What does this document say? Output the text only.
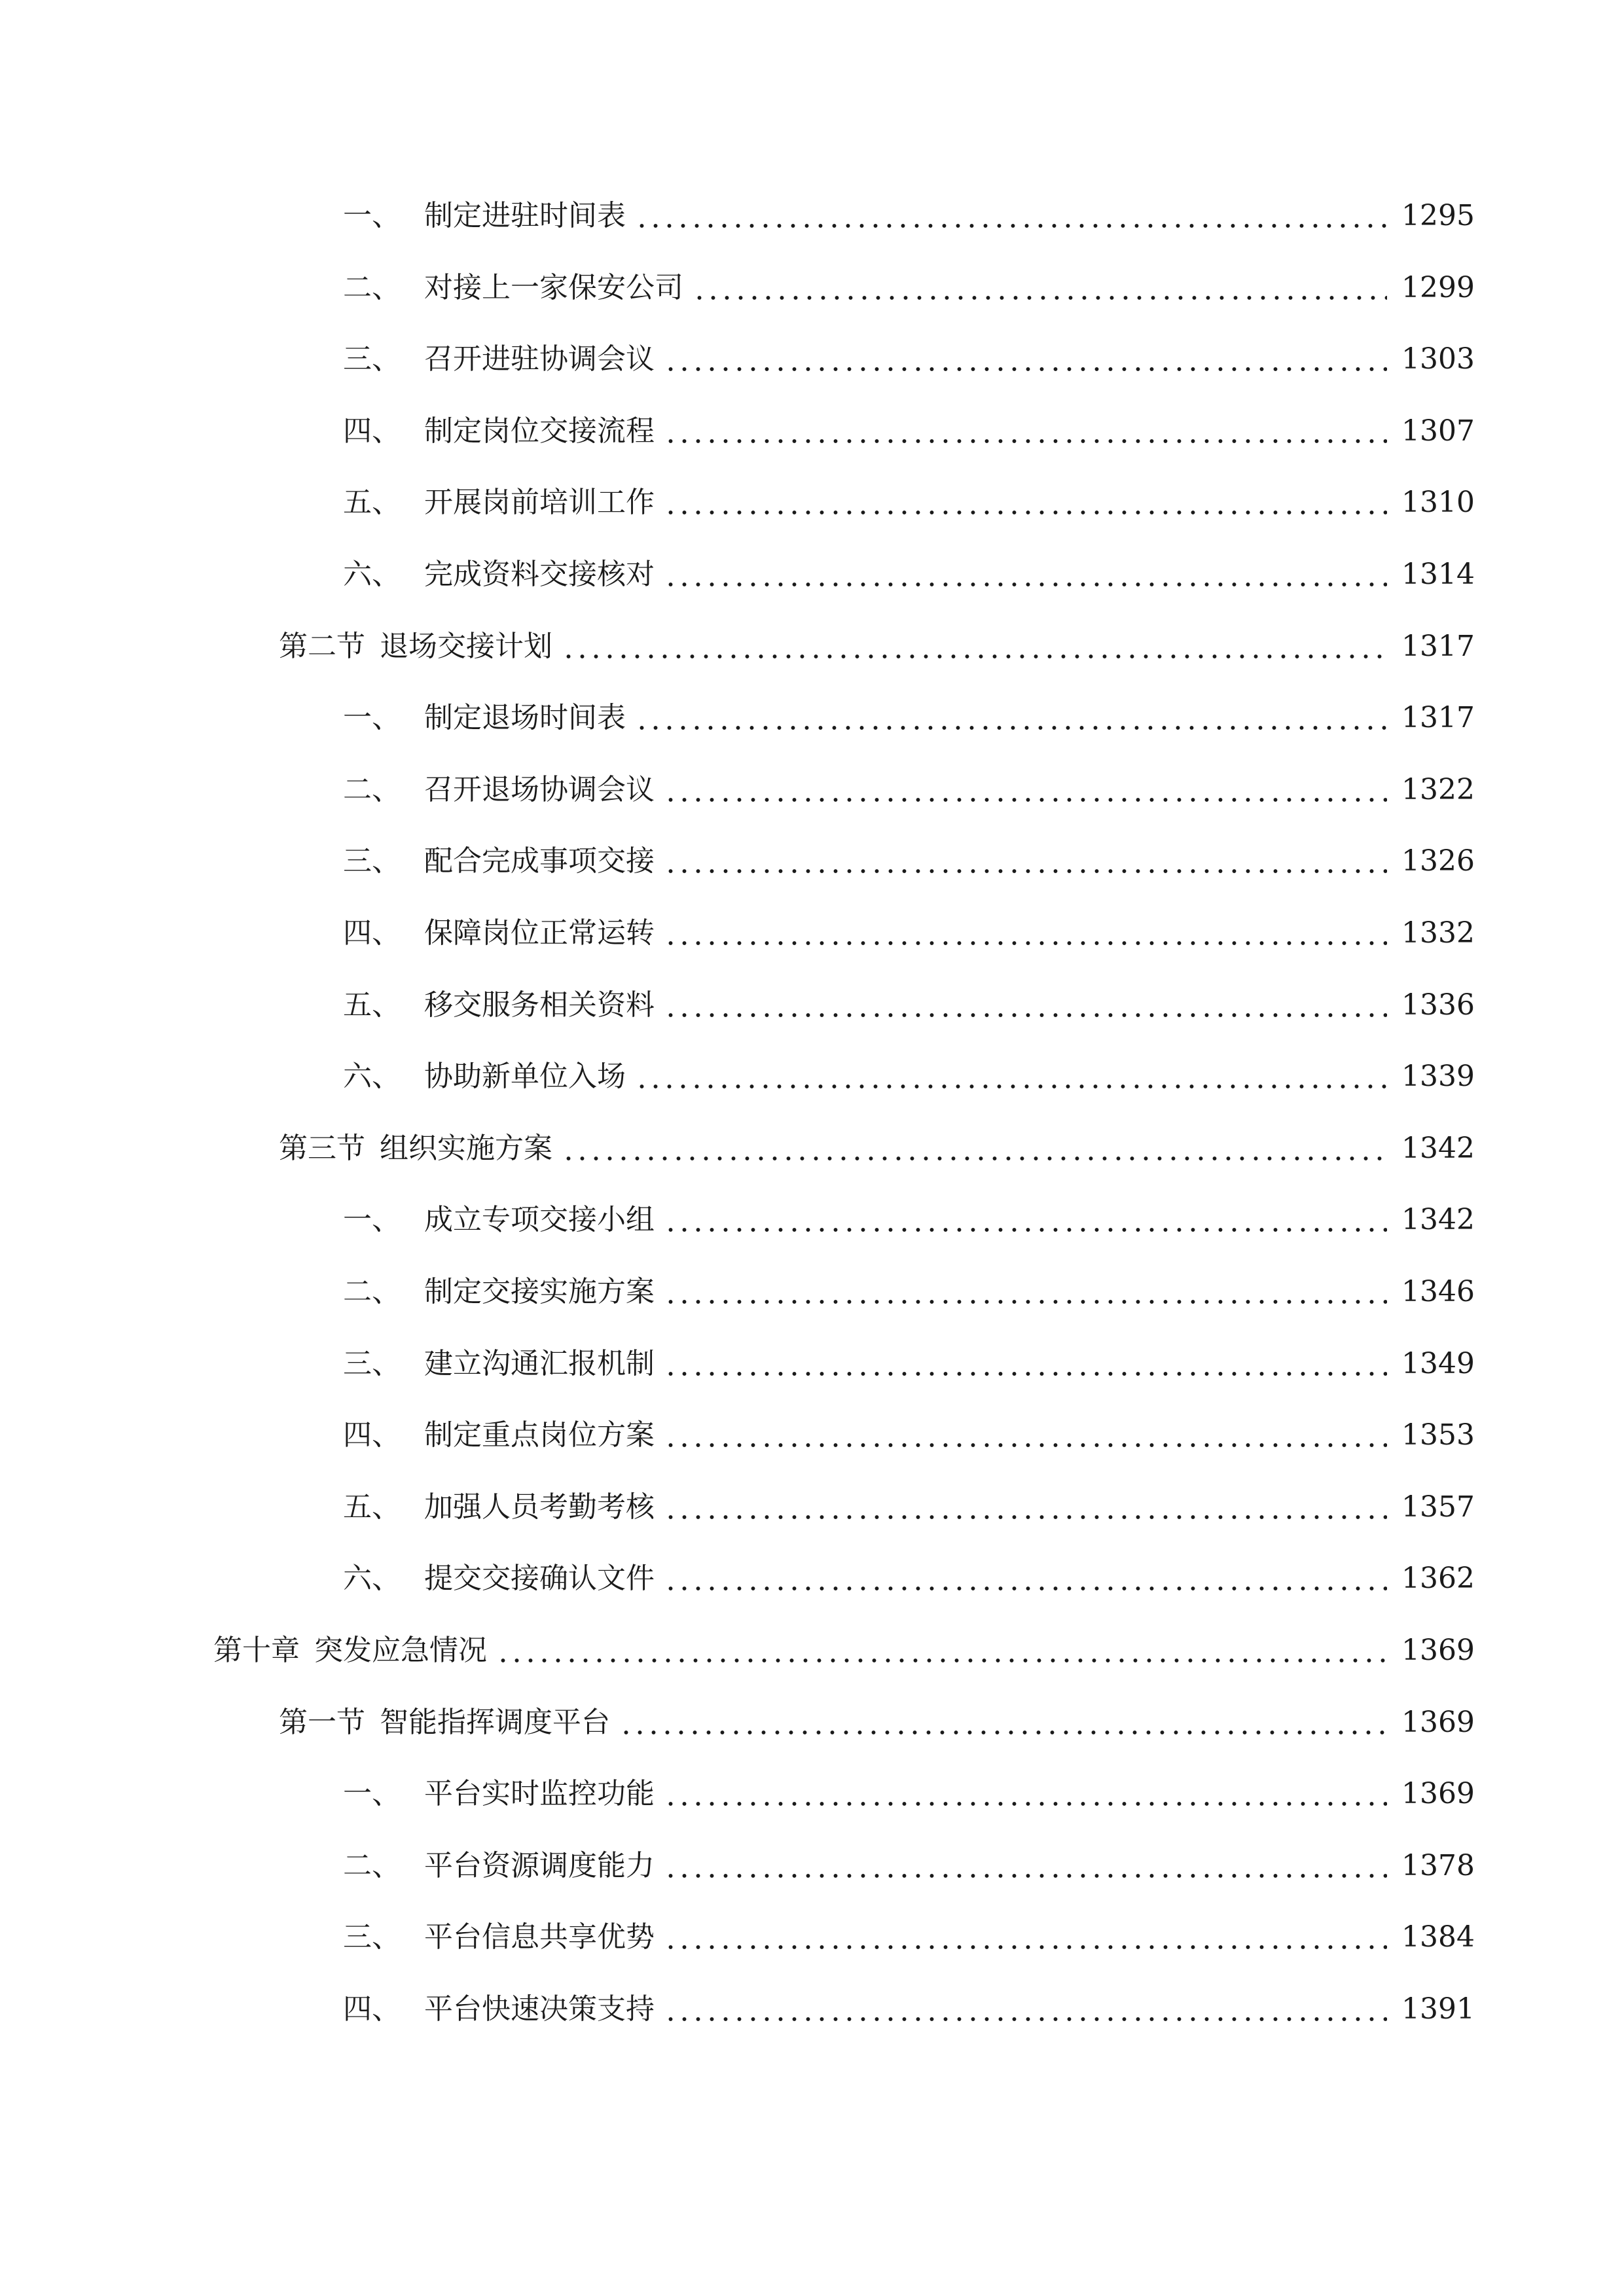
一、 制定进驻时间表	1295
二、 对接上一家保安公司	1299
三、 召开进驻协调会议	1303
四、 制定岗位交接流程	1307
五、 开展岗前培训工作	1310
六、 完成资料交接核对	1314
第二节 退场交接计划	1317
一、 制定退场时间表	1317
二、 召开退场协调会议	1322
三、 配合完成事项交接	1326
四、 保障岗位正常运转	1332
五、 移交服务相关资料	1336
六、 协助新单位入场	1339
第三节 组织实施方案	1342
一、 成立专项交接小组	1342
二、 制定交接实施方案	1346
三、 建立沟通汇报机制	1349
四、 制定重点岗位方案	1353
五、 加强人员考勤考核	1357
六、 提交交接确认文件	1362
第十章 突发应急情况	1369
第一节 智能指挥调度平台	1369
一、 平台实时监控功能	1369
二、 平台资源调度能力	1378
三、 平台信息共享优势	1384
四、 平台快速决策支持	1391
